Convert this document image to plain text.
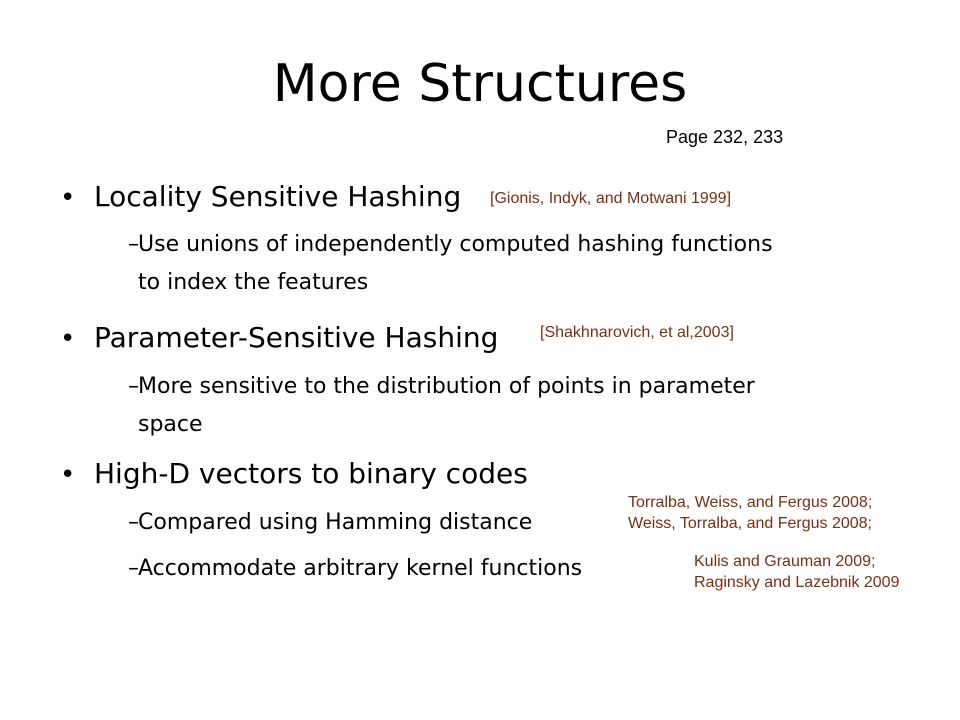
More Structures
Page 232, 233
• Locality Sensitive Hashing [Gionis, Indyk, and Motwani 1999]
– Use unions of independently computed hashing functions
to index the features
• Parameter-Sensitive Hashing	[Shakhnarovich, et al,2003]
– More sensitive to the distribution of points in parameter
space
• High-D vectors to binary codes
– Compared using Hamming distance
– Accommodate arbitrary kernel functions
Torralba, Weiss, and Fergus 2008;
Weiss, Torralba, and Fergus 2008;
Kulis and Grauman 2009;
Raginsky and Lazebnik 2009
